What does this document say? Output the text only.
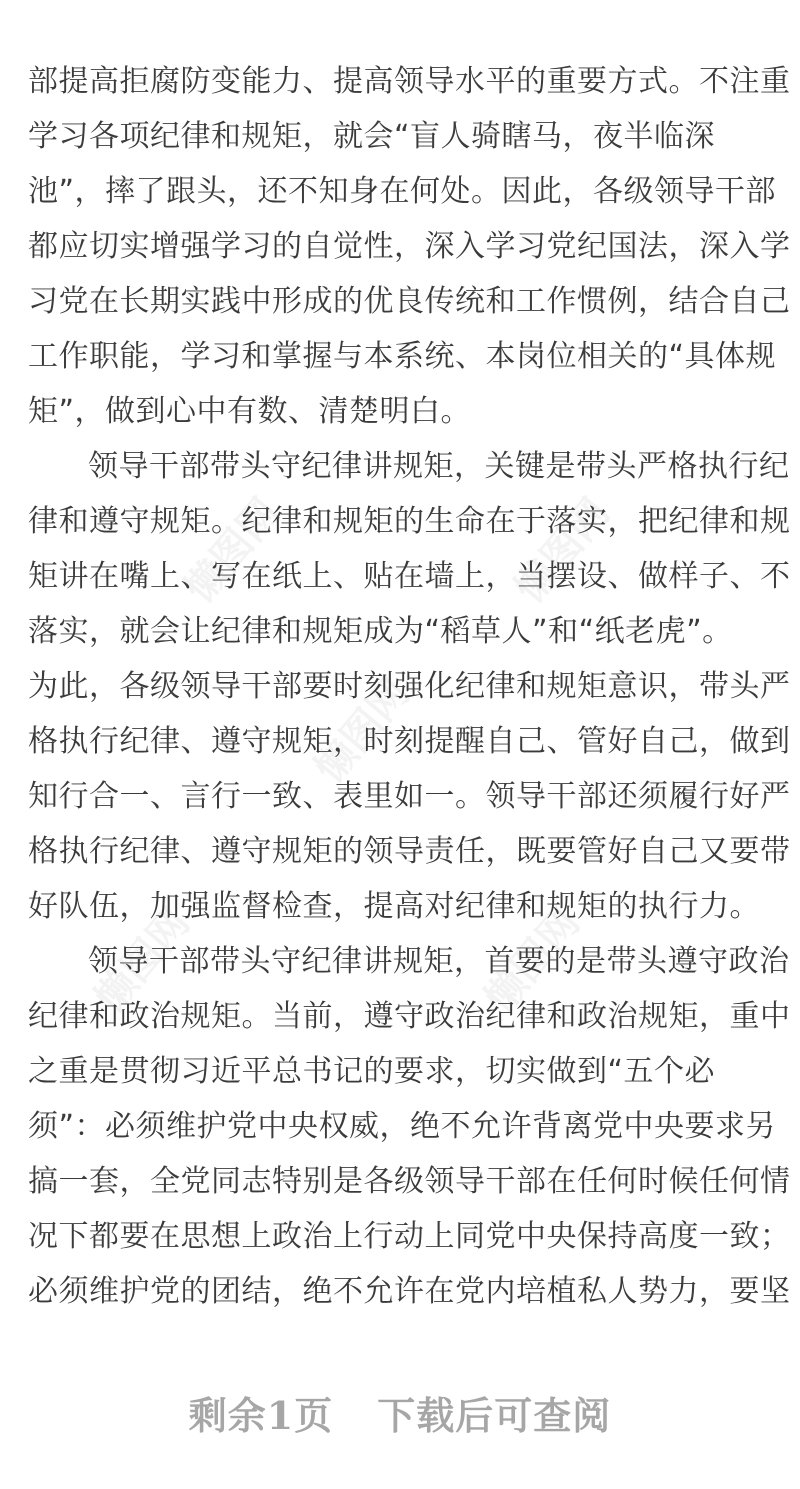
懒图网	懒图网
懒图网
懒图网	懒图网
部提高拒腐防变能力、提高领导水平的重要方式。不注重
学习各项纪律和规矩，就会“盲人骑瞎马，夜半临深
池”，摔了跟头，还不知身在何处。因此，各级领导干部
都应切实增强学习的自觉性，深入学习党纪国法，深入学
习党在长期实践中形成的优良传统和工作惯例，结合自己
工作职能，学习和掌握与本系统、本岗位相关的“具体规
矩”，做到心中有数、清楚明白。
领导干部带头守纪律讲规矩，关键是带头严格执行纪
律和遵守规矩。纪律和规矩的生命在于落实，把纪律和规
矩讲在嘴上、写在纸上、贴在墙上，当摆设、做样子、不
落实，就会让纪律和规矩成为“稻草人”和“纸老虎”。
为此，各级领导干部要时刻强化纪律和规矩意识，带头严
格执行纪律、遵守规矩，时刻提醒自己、管好自己，做到
知行合一、言行一致、表里如一。领导干部还须履行好严
格执行纪律、遵守规矩的领导责任，既要管好自己又要带
好队伍，加强监督检查，提高对纪律和规矩的执行力。
领导干部带头守纪律讲规矩，首要的是带头遵守政治
纪律和政治规矩。当前，遵守政治纪律和政治规矩，重中
之重是贯彻习近平总书记的要求，切实做到“五个必
须”：必须维护党中央权威，绝不允许背离党中央要求另
搞一套，全党同志特别是各级领导干部在任何时候任何情
况下都要在思想上政治上行动上同党中央保持高度一致；
必须维护党的团结，绝不允许在党内培植私人势力，要坚
剩余1页 下载后可查阅
